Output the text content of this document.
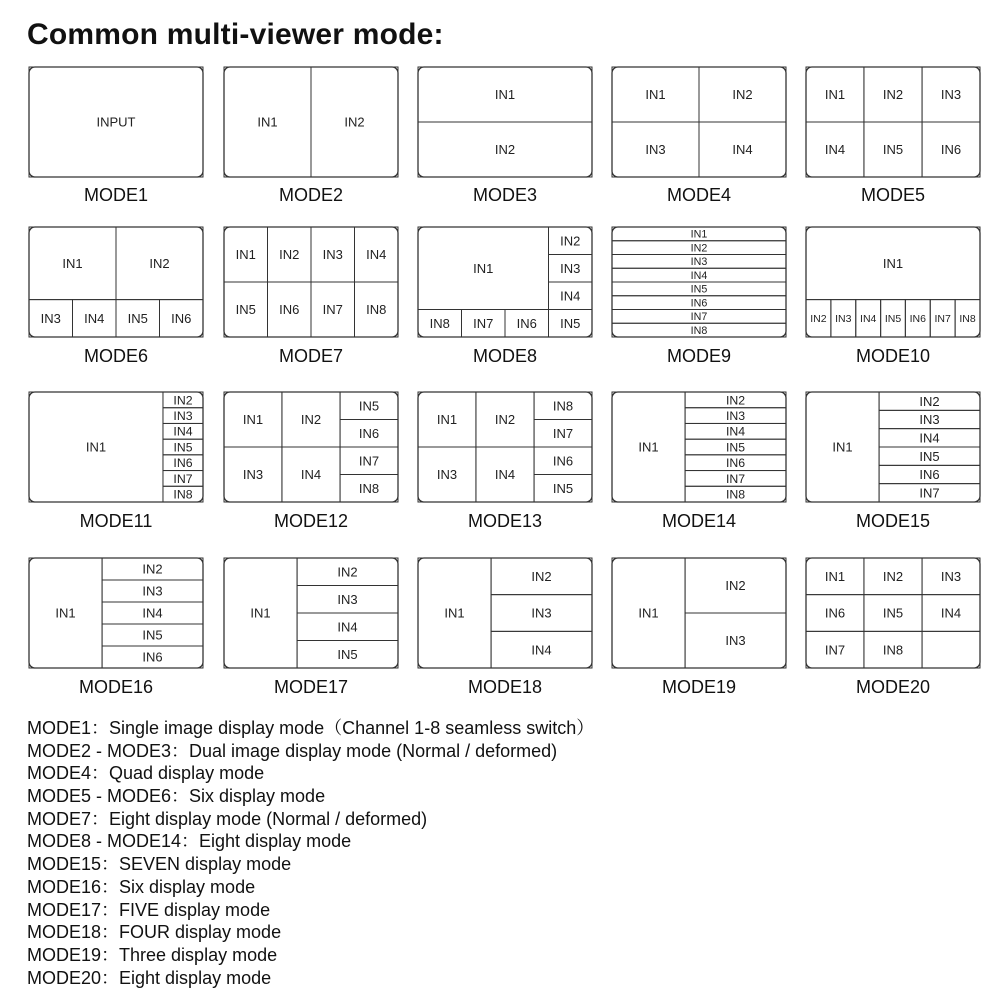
Common multi-viewer mode:
INPUT
MODE1
IN1	IN2
MODE2
IN1
IN2
MODE3
IN1	IN2
IN3	IN4
MODE4
IN1	IN2	IN3
IN4	IN5	IN6
MODE5
IN1	IN2
IN3 IN4 IN5 IN6
MODE6
IN1 IN2 IN3 IN4
IN5 IN6 IN7 IN8
MODE7
IN1
IN2
IN3
IN4
IN8 IN7 IN6 IN5
MODE8
IN1
IN2
IN3
IN4
IN5
IN6
IN7
IN8
MODE9
IN1
IN2 IN3 IN4 IN5 IN6 IN7 IN8
MODE10
IN1
IN2
IN3
IN4
IN5
IN6
IN7
IN8
MODE11
IN1	IN2
IN3	IN4
IN5
IN6
IN7
IN8
MODE12
IN1	IN2
IN3	IN4
IN8
IN7
IN6
IN5
MODE13
IN1
IN2
IN3
IN4
IN5
IN6
IN7
IN8
MODE14
IN1
IN2
IN3
IN4
IN5
IN6
IN7
MODE15
IN1
IN2
IN3
IN4
IN5
IN6
MODE16
IN1
IN2
IN3
IN4
IN5
MODE17
IN1
IN2
IN3
IN4
MODE18
IN1
IN2
IN3
MODE19
IN1	IN2	IN3
IN6	IN5	IN4
IN7	IN8
MODE20
MODE1：Single image display mode（Channel 1-8 seamless switch）
MODE2 - MODE3：Dual image display mode (Normal / deformed)
MODE4：Quad display mode
MODE5 - MODE6：Six display mode
MODE7：Eight display mode (Normal / deformed)
MODE8 - MODE14：Eight display mode
MODE15：SEVEN display mode
MODE16：Six display mode
MODE17：FIVE display mode
MODE18：FOUR display mode
MODE19：Three display mode
MODE20：Eight display mode
